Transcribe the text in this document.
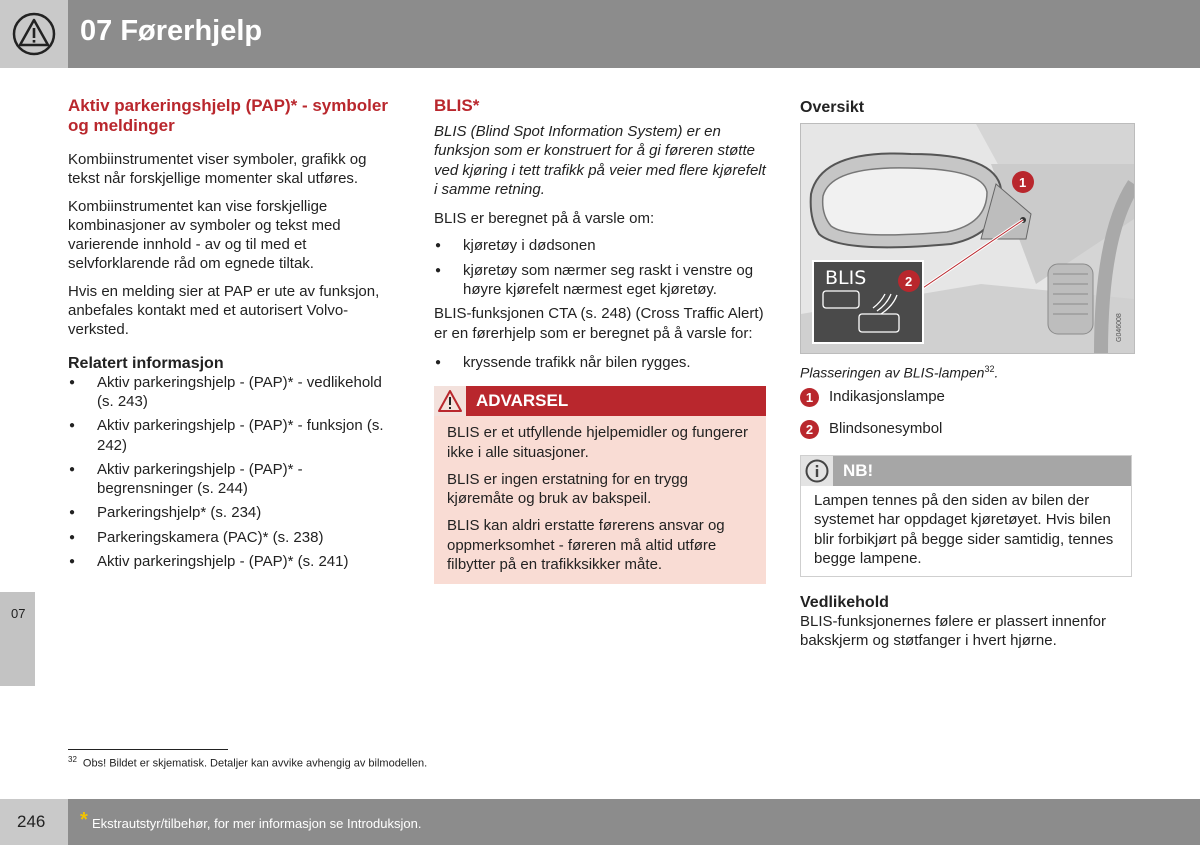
07 Førerhjelp
07
Aktiv parkeringshjelp (PAP)* - symboler og meldinger

Kombiinstrumentet viser symboler, grafikk og tekst når forskjellige momenter skal utføres.

Kombiinstrumentet kan vise forskjellige kombinasjoner av symboler og tekst med varierende innhold - av og til med et selvforklarende råd om egnede tiltak.

Hvis en melding sier at PAP er ute av funksjon, anbefales kontakt med et autorisert Volvo-verksted.

Relatert informasjon
● Aktiv parkeringshjelp - (PAP)* - vedlikehold (s. 243)
● Aktiv parkeringshjelp - (PAP)* - funksjon (s. 242)
● Aktiv parkeringshjelp - (PAP)* - begrensninger (s. 244)
● Parkeringshjelp* (s. 234)
● Parkeringskamera (PAC)* (s. 238)
● Aktiv parkeringshjelp - (PAP)* (s. 241)
BLIS*

BLIS (Blind Spot Information System) er en funksjon som er konstruert for å gi føreren støtte ved kjøring i tett trafikk på veier med flere kjørefelt i samme retning.

BLIS er beregnet på å varsle om:

● kjøretøy i dødsonen
● kjøretøy som nærmer seg raskt i venstre og høyre kjørefelt nærmest eget kjøretøy.

BLIS-funksjonen CTA (s. 248) (Cross Traffic Alert) er en førerhjelp som er beregnet på å varsle for:

● kryssende trafikk når bilen rygges.
ADVARSEL

BLIS er et utfyllende hjelpemidler og fungerer ikke i alle situasjoner.

BLIS er ingen erstatning for en trygg kjøremåte og bruk av bakspeil.

BLIS kan aldri erstatte førerens ansvar og oppmerksomhet - føreren må altid utføre filbytter på en trafikksikker måte.

Oversikt
BLIS
1
2
G046008
Plasseringen av BLIS-lampen$^{32}$.
1	Indikasjonslampe
2	Blindsonesymbol
NB!
Lampen tennes på den siden av bilen der systemet har oppdaget kjøretøyet. Hvis bilen blir forbikjørt på begge sider samtidig, tennes begge lampene.
Vedlikehold

BLIS-funksjonernes følere er plassert innenfor bakskjerm og støtfanger i hvert hjørne.

$^{32}$ Obs! Bildet er skjematisk. Detaljer kan avvike avhengig av bilmodellen.
246 * Ekstrautstyr/tilbehør, for mer informasjon se Introduksjon.
